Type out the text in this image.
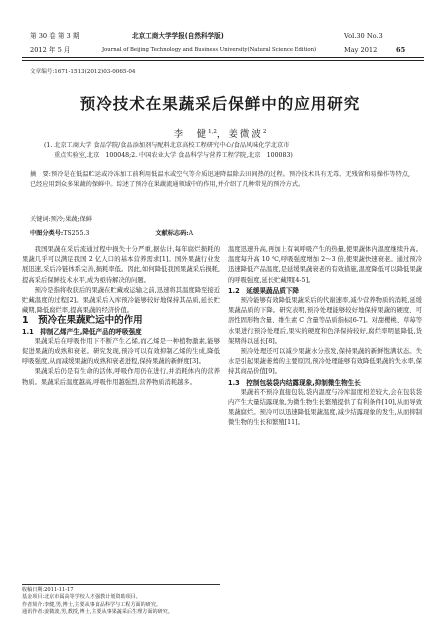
第 30 卷 第 3 期
2012 年 5 月
北京工商大学学报(自然科学版)
Journal of Beijing Technology and Business University(Natural Science Edition)
Vol.30 No.3
May 2012	65
文章编号:1671-1513(2012)03-0065-04
预冷技术在果蔬采后保鲜中的应用研究
李　健$^{1,2}$，姜微波$^2$
(1. 北京工商大学 食品学院/食品添加剂与配料北京高校工程研究中心/食品风味化学北京市
重点实验室,北京　100048;2. 中国农业大学 食品科学与营养工程学院,北京　100083)
摘　要:预冷是在低温贮运或冷冻加工前利用低温水或空气等介质迅速降温除去田间热的过程。预冷技术具有无毒、无残留和易操作等特点,已经应用到众多果蔬的保鲜中。综述了预冷在果蔬流通领域中的作用,并介绍了几种常见的预冷方式。
关键词:预冷;果蔬;保鲜
中图分类号:TS255.3	文献标志码:A

我国果蔬在采后流通过程中损失十分严重,据估计,每年腐烂损耗的果蔬几乎可以满足我国 2 亿人口的基本营养需求[1]。国外果蔬行业发展迅速,采后冷链体系完善,损耗率低。因此,如何降低我国果蔬采后损耗,提高采后保鲜技术水平,成为亟待解决的问题。

预冷是指将收获后的果蔬在贮藏或运输之前,迅速将其温度降至接近贮藏温度的过程[2]。果蔬采后入库预冷能够较好地保持其品质,延长贮藏期,降低腐烂率,提高果蔬的经济价值。

1　预冷在果蔬贮运中的作用

1.1　抑制乙烯产生,降低产品的呼吸强度

果蔬采后在呼吸作用下不断产生乙烯,而乙烯是一种植物激素,能够促进果蔬的成熟和衰老。研究发现,预冷可以有效抑制乙烯的生成,降低呼吸强度,从而减缓果蔬的成熟和衰老进程,保持果蔬的新鲜度[3]。

果蔬采后仍是有生命的活体,呼吸作用仍在进行,并消耗体内的营养物质。果蔬采后温度越高,呼吸作用越强烈,营养物质消耗越多。

温度迅速升高,再加上有氧呼吸产生的热量,使果蔬体内温度继续升高。温度每升高 10 ℃,呼吸强度增加 2～3 倍,使果蔬快速衰老。通过预冷迅速降低产品温度,是延缓果蔬衰老的有效措施,温度降低可以降低果蔬的呼吸强度,延长贮藏期[4-5]。

1.2　延缓果蔬品质下降

预冷能够有效降低果蔬采后的代谢速率,减少营养物质的消耗,延缓果蔬品质的下降。研究表明,预冷处理能够较好地保持果蔬的硬度、可溶性固形物含量、维生素 C 含量等品质指标[6-7]。对甜樱桃、草莓等水果进行预冷处理后,果实的硬度和色泽保持较好,腐烂率明显降低,货架期得以延长[8]。

预冷处理还可以减少果蔬水分蒸发,保持果蔬的新鲜饱满状态。失水是引起果蔬萎蔫的主要原因,预冷处理能够有效降低果蔬的失水率,保持其商品价值[9]。

1.3　控制包装袋内结露现象,抑制微生物生长

果蔬若不预冷直接包装,袋内温度与冷库温度相差较大,会在包装袋内产生大量结露现象,为微生物生长繁殖提供了有利条件[10],从而导致果蔬腐烂。预冷可以迅速降低果蔬温度,减少结露现象的发生,从而抑制微生物的生长和繁殖[11]。

收稿日期:2011-11-17
基金项目:北京市属高等学校人才强教计划资助项目。
作者简介:李健,男,博士,主要从事食品科学与工程方面的研究。
通讯作者:姜微波,男,教授,博士,主要从事果蔬采后生理方面的研究。
